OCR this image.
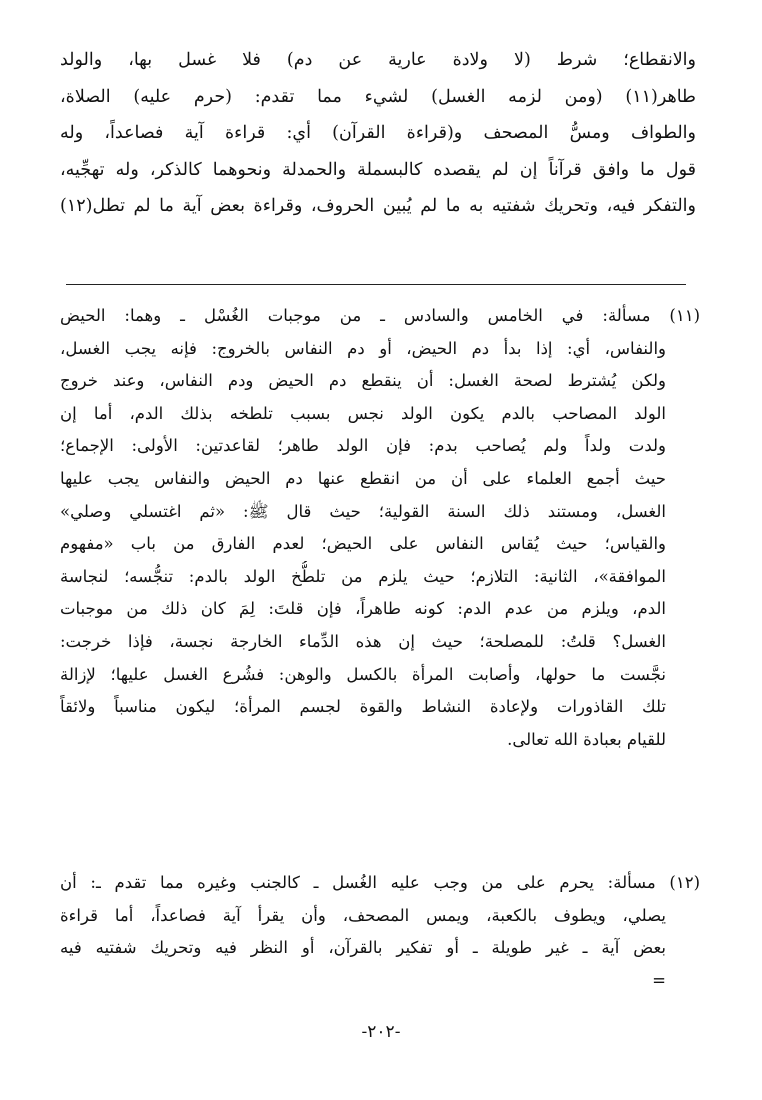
والانقطاع؛ شرط (لا ولادة عارية عن دم) فلا غسل بها، والولد
طاهر(١١) (ومن لزمه الغسل) لشيء مما تقدم: (حرم عليه) الصلاة،
والطواف ومسُّ المصحف و(قراءة القرآن) أي: قراءة آية فصاعداً، وله
قول ما وافق قرآناً إن لم يقصده كالبسملة والحمدلة ونحوهما كالذكر، وله تهجِّيه،
والتفكر فيه، وتحريك شفتيه به ما لم يُبين الحروف، وقراءة بعض آية ما لم تطل(١٢)
(١١) مسألة: في الخامس والسادس ـ من موجبات الغُسْل ـ وهما: الحيض
والنفاس، أي: إذا بدأ دم الحيض، أو دم النفاس بالخروج: فإنه يجب الغسل،
ولكن يُشترط لصحة الغسل: أن ينقطع دم الحيض ودم النفاس، وعند خروج
الولد المصاحب بالدم يكون الولد نجس بسبب تلطخه بذلك الدم، أما إن
ولدت ولداً ولم يُصاحب بدم: فإن الولد طاهر؛ لقاعدتين: الأولى: الإجماع؛
حيث أجمع العلماء على أن من انقطع عنها دم الحيض والنفاس يجب عليها
الغسل، ومستند ذلك السنة القولية؛ حيث قال ﷺ: «ثم اغتسلي وصلي»
والقياس؛ حيث يُقاس النفاس على الحيض؛ لعدم الفارق من باب «مفهوم
الموافقة»، الثانية: التلازم؛ حيث يلزم من تلطُّخ الولد بالدم: تنجُّسه؛ لنجاسة
الدم، ويلزم من عدم الدم: كونه طاهراً، فإن قلتَ: لِمَ كان ذلك من موجبات
الغسل؟ قلتُ: للمصلحة؛ حيث إن هذه الدِّماء الخارجة نجسة، فإذا خرجت:
نجَّست ما حولها، وأصابت المرأة بالكسل والوهن: فشُرع الغسل عليها؛ لإزالة
تلك القاذورات ولإعادة النشاط والقوة لجسم المرأة؛ ليكون مناسباً ولائقاً
للقيام بعبادة الله تعالى.
(١٢) مسألة: يحرم على من وجب عليه الغُسل ـ كالجنب وغيره مما تقدم ـ: أن
يصلي، ويطوف بالكعبة، ويمس المصحف، وأن يقرأ آية فصاعداً، أما قراءة
بعض آية ـ غير طويلة ـ أو تفكير بالقرآن، أو النظر فيه وتحريك شفتيه فيه
=
-٢٠٢-
